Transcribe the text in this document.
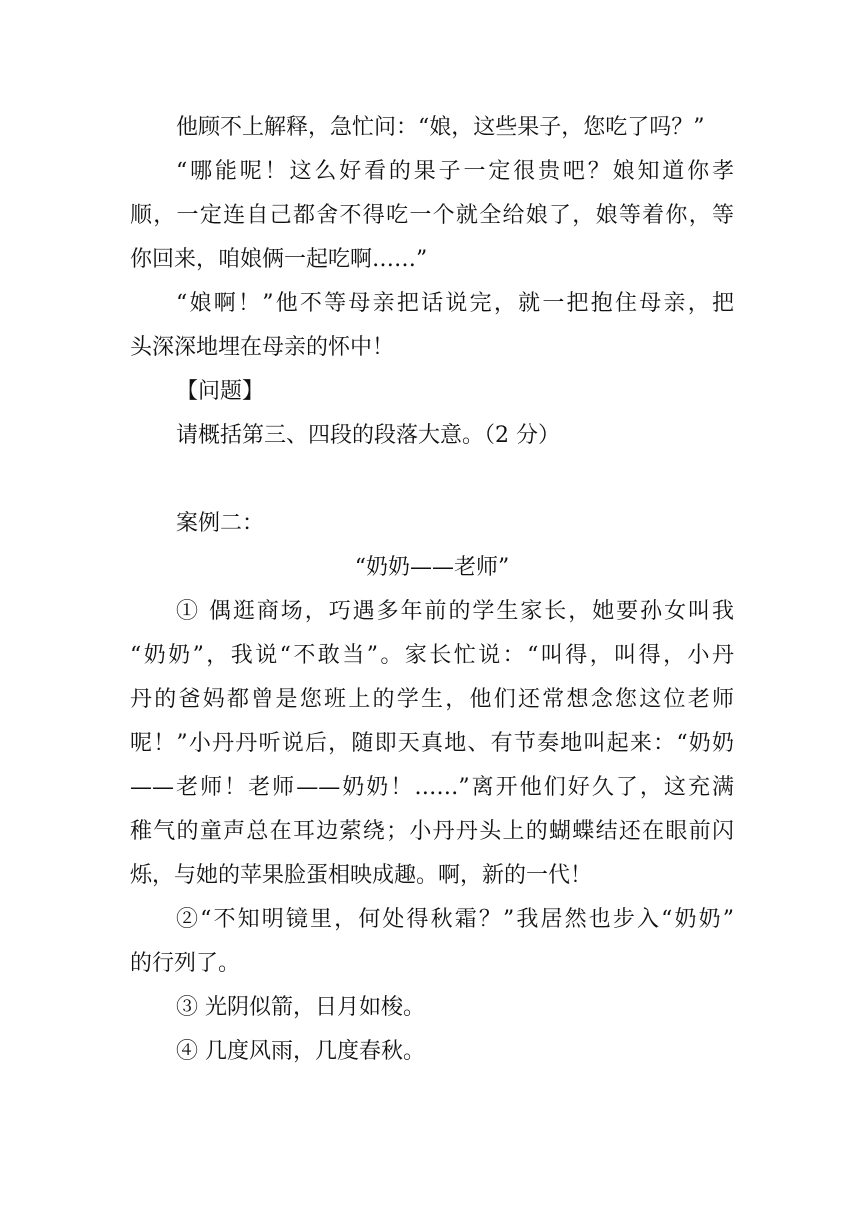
他顾不上解释，急忙问：“娘，这些果子，您吃了吗？”

“哪能呢！这么好看的果子一定很贵吧？娘知道你孝

顺，一定连自己都舍不得吃一个就全给娘了，娘等着你，等

你回来，咱娘俩一起吃啊……”

“娘啊！”他不等母亲把话说完，就一把抱住母亲，把

头深深地埋在母亲的怀中！

【问题】

请概括第三、四段的段落大意。（2 分）

案例二：

“奶奶——老师”

① 偶逛商场，巧遇多年前的学生家长，她要孙女叫我

“奶奶”，我说“不敢当”。家长忙说：“叫得，叫得，小丹

丹的爸妈都曾是您班上的学生，他们还常想念您这位老师

呢！”小丹丹听说后，随即天真地、有节奏地叫起来：“奶奶

——老师！老师——奶奶！……”离开他们好久了，这充满

稚气的童声总在耳边萦绕；小丹丹头上的蝴蝶结还在眼前闪

烁，与她的苹果脸蛋相映成趣。啊，新的一代！

②“不知明镜里，何处得秋霜？”我居然也步入“奶奶”

的行列了。

③ 光阴似箭，日月如梭。

④ 几度风雨，几度春秋。
